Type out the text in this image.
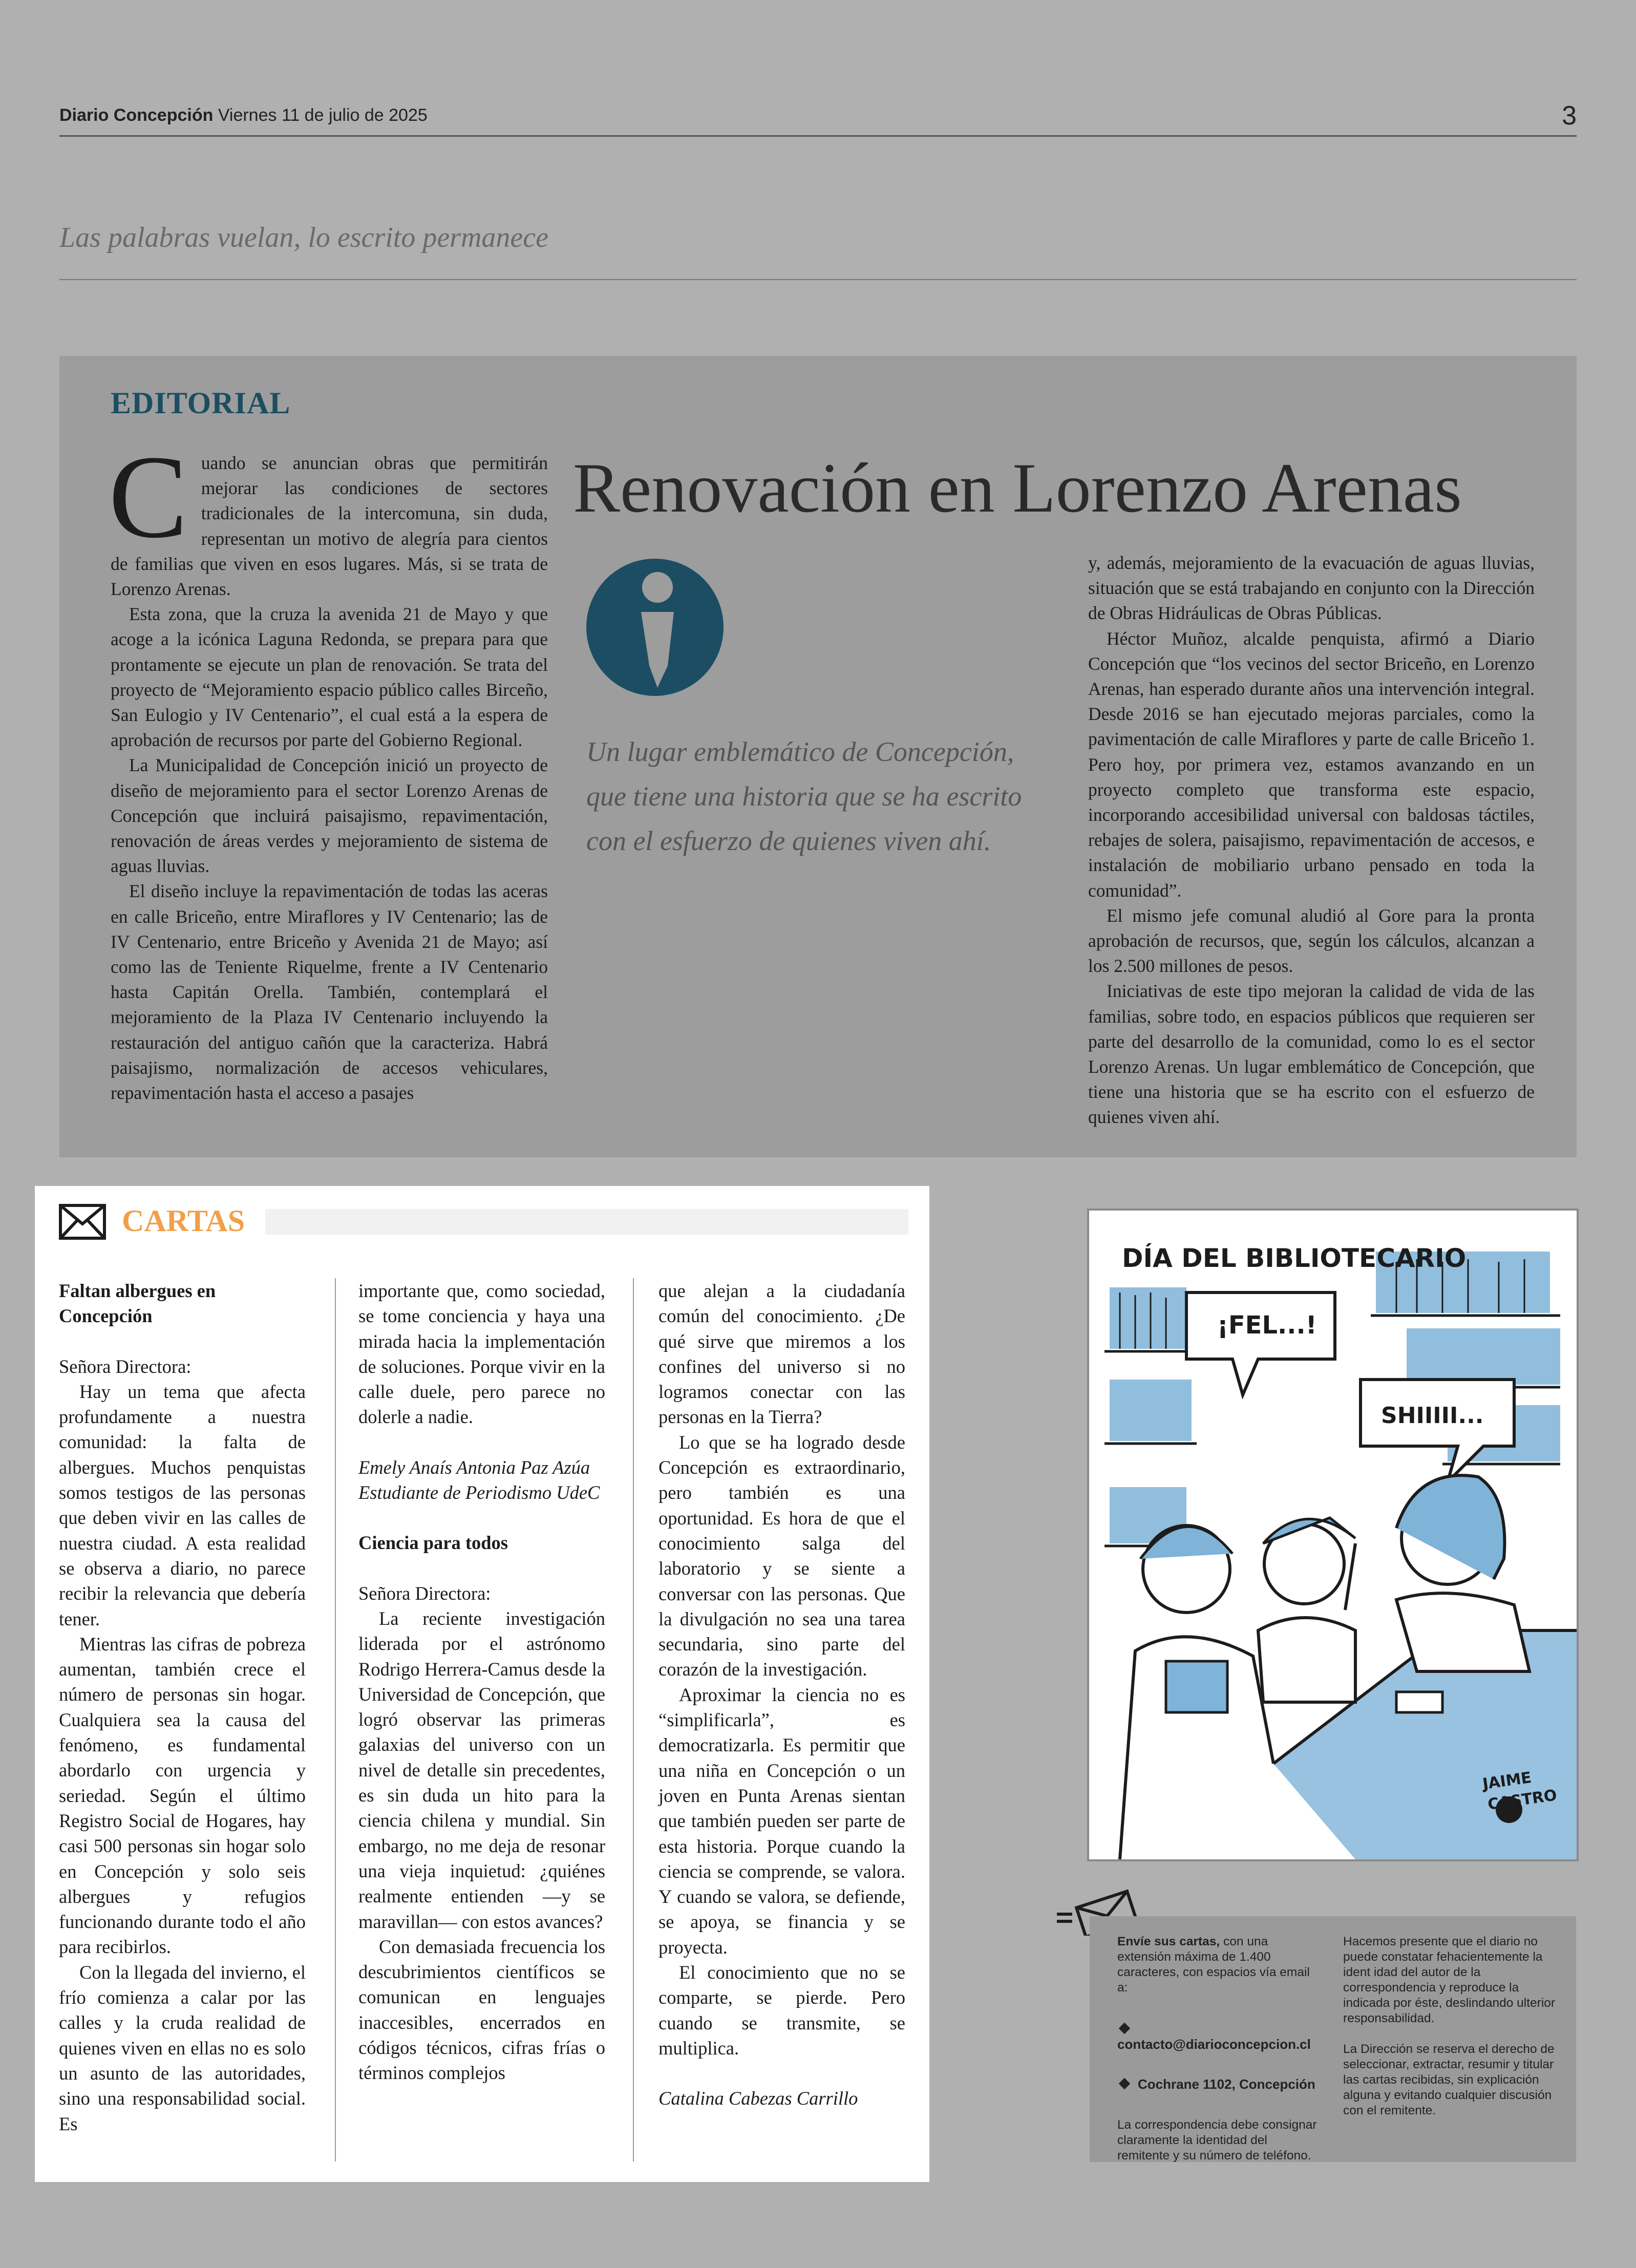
Diario Concepción Viernes 11 de julio de 2025	3
Las palabras vuelan, lo escrito permanece
EDITORIAL

Cuando se anuncian obras que permitirán mejorar las condiciones de sectores tradicionales de la intercomuna, sin duda, representan un motivo de alegría para cientos de familias que viven en esos lugares. Más, si se trata de Lorenzo Arenas.

Esta zona, que la cruza la avenida 21 de Mayo y que acoge a la icónica Laguna Redonda, se prepara para que prontamente se ejecute un plan de renovación. Se trata del proyecto de “Mejoramiento espacio público calles Birceño, San Eulogio y IV Centenario”, el cual está a la espera de aprobación de recursos por parte del Gobierno Regional.

La Municipalidad de Concepción inició un proyecto de diseño de mejoramiento para el sector Lorenzo Arenas de Concepción que incluirá paisajismo, repavimentación, renovación de áreas verdes y mejoramiento de sistema de aguas lluvias.

El diseño incluye la repavimentación de todas las aceras en calle Briceño, entre Miraflores y IV Centenario; las de IV Centenario, entre Briceño y Avenida 21 de Mayo; así como las de Teniente Riquelme, frente a IV Centenario hasta Capitán Orella. También, contemplará el mejoramiento de la Plaza IV Centenario incluyendo la restauración del antiguo cañón que la caracteriza. Habrá paisajismo, normalización de accesos vehiculares, repavimentación hasta el acceso a pasajes

Renovación en Lorenzo Arenas
Un lugar emblemático de Concepción, que tiene una historia que se ha escrito con el esfuerzo de quienes viven ahí.

y, además, mejoramiento de la evacuación de aguas lluvias, situación que se está trabajando en conjunto con la Dirección de Obras Hidráulicas de Obras Públicas.

Héctor Muñoz, alcalde penquista, afirmó a Diario Concepción que “los vecinos del sector Briceño, en Lorenzo Arenas, han esperado durante años una intervención integral. Desde 2016 se han ejecutado mejoras parciales, como la pavimentación de calle Miraflores y parte de calle Briceño 1. Pero hoy, por primera vez, estamos avanzando en un proyecto completo que transforma este espacio, incorporando accesibilidad universal con baldosas táctiles, rebajes de solera, paisajismo, repavimentación de accesos, e instalación de mobiliario urbano pensado en toda la comunidad”.

El mismo jefe comunal aludió al Gore para la pronta aprobación de recursos, que, según los cálculos, alcanzan a los 2.500 millones de pesos.

Iniciativas de este tipo mejoran la calidad de vida de las familias, sobre todo, en espacios públicos que requieren ser parte del desarrollo de la comunidad, como lo es el sector Lorenzo Arenas. Un lugar emblemático de Concepción, que tiene una historia que se ha escrito con el esfuerzo de quienes viven ahí.

CARTAS

Faltan albergues en Concepción

Señora Directora:

Hay un tema que afecta profundamente a nuestra comunidad: la falta de albergues. Muchos penquistas somos testigos de las personas que deben vivir en las calles de nuestra ciudad. A esta realidad se observa a diario, no parece recibir la relevancia que debería tener.

Mientras las cifras de pobreza aumentan, también crece el número de personas sin hogar. Cualquiera sea la causa del fenómeno, es fundamental abordarlo con urgencia y seriedad. Según el último Registro Social de Hogares, hay casi 500 personas sin hogar solo en Concepción y solo seis albergues y refugios funcionando durante todo el año para recibirlos.

Con la llegada del invierno, el frío comienza a calar por las calles y la cruda realidad de quienes viven en ellas no es solo un asunto de las autoridades, sino una responsabilidad social. Es

importante que, como sociedad, se tome conciencia y haya una mirada hacia la implementación de soluciones. Porque vivir en la calle duele, pero parece no dolerle a nadie.

Emely Anaís Antonia Paz Azúa

Estudiante de Periodismo UdeC

Ciencia para todos

Señora Directora:

La reciente investigación liderada por el astrónomo Rodrigo Herrera-Camus desde la Universidad de Concepción, que logró observar las primeras galaxias del universo con un nivel de detalle sin precedentes, es sin duda un hito para la ciencia chilena y mundial. Sin embargo, no me deja de resonar una vieja inquietud: ¿quiénes realmente entienden —y se maravillan— con estos avances?

Con demasiada frecuencia los descubrimientos científicos se comunican en lenguajes inaccesibles, encerrados en códigos técnicos, cifras frías o términos complejos

que alejan a la ciudadanía común del conocimiento. ¿De qué sirve que miremos a los confines del universo si no logramos conectar con las personas en la Tierra?

Lo que se ha logrado desde Concepción es extraordinario, pero también es una oportunidad. Es hora de que el conocimiento salga del laboratorio y se siente a conversar con las personas. Que la divulgación no sea una tarea secundaria, sino parte del corazón de la investigación.

Aproximar la ciencia no es “simplificarla”, es democratizarla. Es permitir que una niña en Concepción o un joven en Punta Arenas sientan que también pueden ser parte de esta historia. Porque cuando la ciencia se comprende, se valora. Y cuando se valora, se defiende, se apoya, se financia y se proyecta.

El conocimiento que no se comparte, se pierde. Pero cuando se transmite, se multiplica.

Catalina Cabezas Carrillo

DÍA DEL BIBLIOTECARIO
¡FEL...!
SHIIIII...
JAIME
CASTRO

Envíe sus cartas, con una extensión máxima de 1.400 caracteres, con espacios vía email a:

contacto@diarioconcepcion.cl

Cochrane 1102, Concepción

La correspondencia debe consignar claramente la identidad del remitente y su número de teléfono.

Hacemos presente que el diario no puede constatar fehacientemente la ident idad del autor de la correspondencia y reproduce la indicada por éste, deslindando ulterior responsabilidad.

La Dirección se reserva el derecho de seleccionar, extractar, resumir y titular las cartas recibidas, sin explicación alguna y evitando cualquier discusión con el remitente.
